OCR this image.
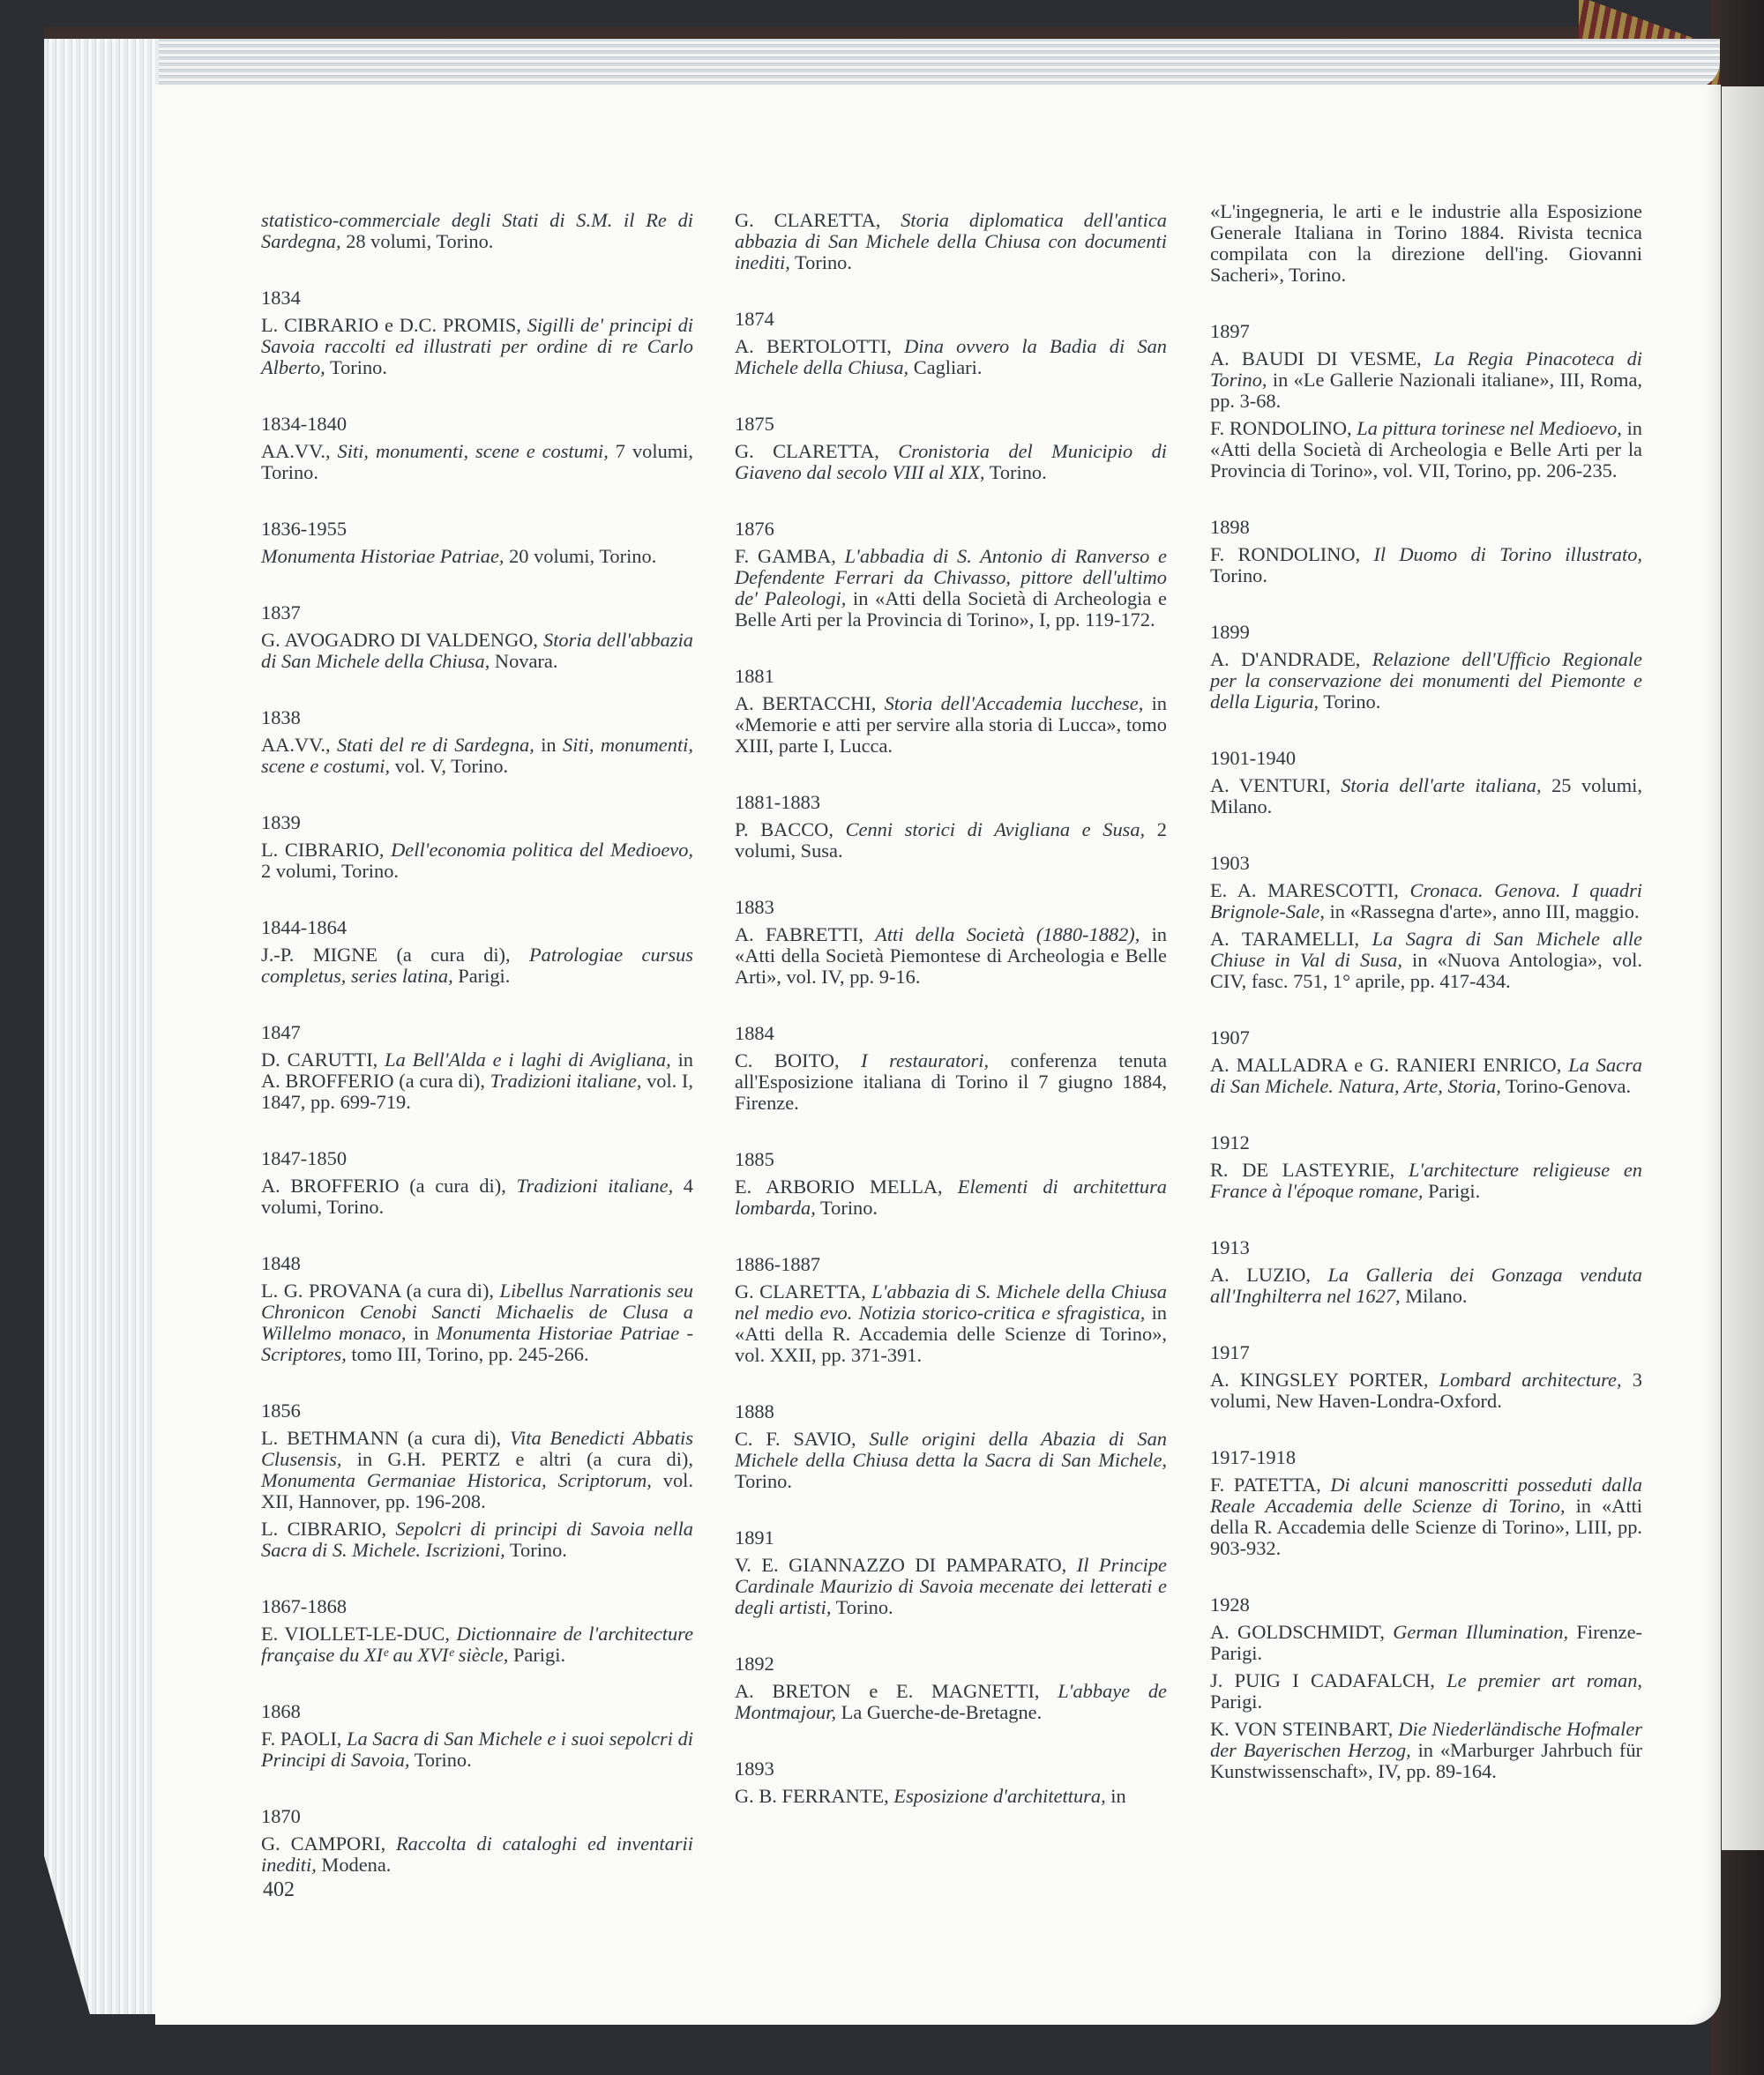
statistico-commerciale degli Stati di S.M. il Re di Sardegna, 28 volumi, Torino.
1834
L. CIBRARIO e D.C. PROMIS, Sigilli de' principi di Savoia raccolti ed illustrati per ordine di re Carlo Alberto, Torino.
1834-1840
AA.VV., Siti, monumenti, scene e costumi, 7 volumi, Torino.
1836-1955
Monumenta Historiae Patriae, 20 volumi, Torino.
1837
G. AVOGADRO DI VALDENGO, Storia dell'abbazia di San Michele della Chiusa, Novara.
1838
AA.VV., Stati del re di Sardegna, in Siti, monumenti, scene e costumi, vol. V, Torino.
1839
L. CIBRARIO, Dell'economia politica del Medioevo, 2 volumi, Torino.
1844-1864
J.-P. MIGNE (a cura di), Patrologiae cursus completus, series latina, Parigi.
1847
D. CARUTTI, La Bell'Alda e i laghi di Avigliana, in A. BROFFERIO (a cura di), Tradizioni italiane, vol. I, 1847, pp. 699-719.
1847-1850
A. BROFFERIO (a cura di), Tradizioni italiane, 4 volumi, Torino.
1848
L. G. PROVANA (a cura di), Libellus Narrationis seu Chronicon Cenobi Sancti Michaelis de Clusa a Willelmo monaco, in Monumenta Historiae Patriae - Scriptores, tomo III, Torino, pp. 245-266.
1856
L. BETHMANN (a cura di), Vita Benedicti Abbatis Clusensis, in G.H. PERTZ e altri (a cura di), Monumenta Germaniae Historica, Scriptorum, vol. XII, Hannover, pp. 196-208.
L. CIBRARIO, Sepolcri di principi di Savoia nella Sacra di S. Michele. Iscrizioni, Torino.
1867-1868
E. VIOLLET-LE-DUC, Dictionnaire de l'architecture française du XIᵉ au XVIᵉ siècle, Parigi.
1868
F. PAOLI, La Sacra di San Michele e i suoi sepolcri di Principi di Savoia, Torino.
1870
G. CAMPORI, Raccolta di cataloghi ed inventarii inediti, Modena.
G. CLARETTA, Storia diplomatica dell'antica abbazia di San Michele della Chiusa con documenti inediti, Torino.
1874
A. BERTOLOTTI, Dina ovvero la Badia di San Michele della Chiusa, Cagliari.
1875
G. CLARETTA, Cronistoria del Municipio di Giaveno dal secolo VIII al XIX, Torino.
1876
F. GAMBA, L'abbadia di S. Antonio di Ranverso e Defendente Ferrari da Chivasso, pittore dell'ultimo de' Paleologi, in «Atti della Società di Archeologia e Belle Arti per la Provincia di Torino», I, pp. 119-172.
1881
A. BERTACCHI, Storia dell'Accademia lucchese, in «Memorie e atti per servire alla storia di Lucca», tomo XIII, parte I, Lucca.
1881-1883
P. BACCO, Cenni storici di Avigliana e Susa, 2 volumi, Susa.
1883
A. FABRETTI, Atti della Società (1880-1882), in «Atti della Società Piemontese di Archeologia e Belle Arti», vol. IV, pp. 9-16.
1884
C. BOITO, I restauratori, conferenza tenuta all'Esposizione italiana di Torino il 7 giugno 1884, Firenze.
1885
E. ARBORIO MELLA, Elementi di architettura lombarda, Torino.
1886-1887
G. CLARETTA, L'abbazia di S. Michele della Chiusa nel medio evo. Notizia storico-critica e sfragistica, in «Atti della R. Accademia delle Scienze di Torino», vol. XXII, pp. 371-391.
1888
C. F. SAVIO, Sulle origini della Abazia di San Michele della Chiusa detta la Sacra di San Michele, Torino.
1891
V. E. GIANNAZZO DI PAMPARATO, Il Principe Cardinale Maurizio di Savoia mecenate dei letterati e degli artisti, Torino.
1892
A. BRETON e E. MAGNETTI, L'abbaye de Montmajour, La Guerche-de-Bretagne.
1893
G. B. FERRANTE, Esposizione d'architettura, in
«L'ingegneria, le arti e le industrie alla Esposizione Generale Italiana in Torino 1884. Rivista tecnica compilata con la direzione dell'ing. Giovanni Sacheri», Torino.
1897
A. BAUDI DI VESME, La Regia Pinacoteca di Torino, in «Le Gallerie Nazionali italiane», III, Roma, pp. 3-68.
F. RONDOLINO, La pittura torinese nel Medioevo, in «Atti della Società di Archeologia e Belle Arti per la Provincia di Torino», vol. VII, Torino, pp. 206-235.
1898
F. RONDOLINO, Il Duomo di Torino illustrato, Torino.
1899
A. D'ANDRADE, Relazione dell'Ufficio Regionale per la conservazione dei monumenti del Piemonte e della Liguria, Torino.
1901-1940
A. VENTURI, Storia dell'arte italiana, 25 volumi, Milano.
1903
E. A. MARESCOTTI, Cronaca. Genova. I quadri Brignole-Sale, in «Rassegna d'arte», anno III, maggio.
A. TARAMELLI, La Sagra di San Michele alle Chiuse in Val di Susa, in «Nuova Antologia», vol. CIV, fasc. 751, 1° aprile, pp. 417-434.
1907
A. MALLADRA e G. RANIERI ENRICO, La Sacra di San Michele. Natura, Arte, Storia, Torino-Genova.
1912
R. DE LASTEYRIE, L'architecture religieuse en France à l'époque romane, Parigi.
1913
A. LUZIO, La Galleria dei Gonzaga venduta all'Inghilterra nel 1627, Milano.
1917
A. KINGSLEY PORTER, Lombard architecture, 3 volumi, New Haven-Londra-Oxford.
1917-1918
F. PATETTA, Di alcuni manoscritti posseduti dalla Reale Accademia delle Scienze di Torino, in «Atti della R. Accademia delle Scienze di Torino», LIII, pp. 903-932.
1928
A. GOLDSCHMIDT, German Illumination, Firenze-Parigi.
J. PUIG I CADAFALCH, Le premier art roman, Parigi.
K. VON STEINBART, Die Niederländische Hofmaler der Bayerischen Herzog, in «Marburger Jahrbuch für Kunstwissenschaft», IV, pp. 89-164.
402
